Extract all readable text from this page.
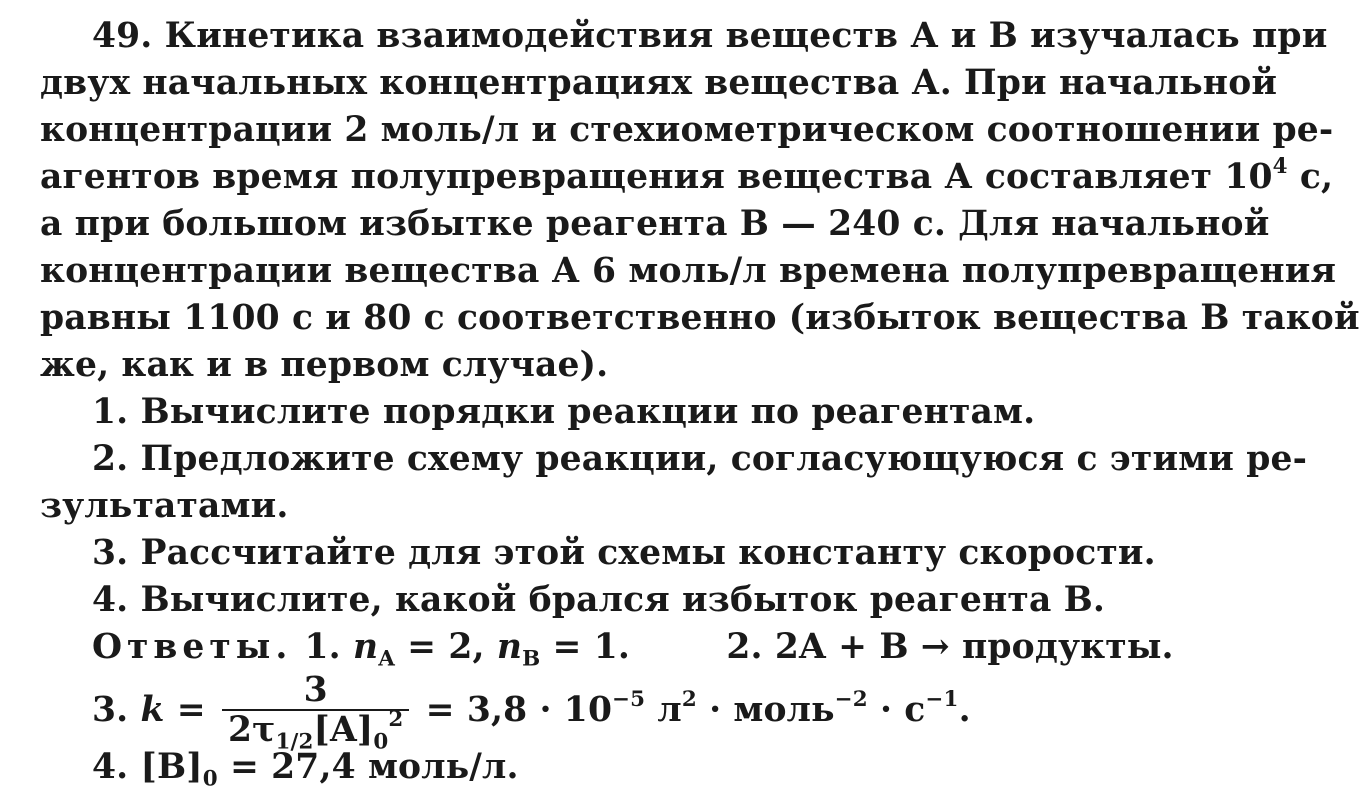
49. Кинетика взаимодействия веществ А и В изучалась при
двух начальных концентрациях вещества А. При начальной
концентрации 2 моль/л и стехиометрическом соотношении ре-
агентов время полупревращения вещества А составляет $10^4$ с,
а при большом избытке реагента В — 240 с. Для начальной
концентрации вещества А 6 моль/л времена полупревращения
равны 1100 с и 80 с соответственно (избыток вещества В такой
же, как и в первом случае).
1. Вычислите порядки реакции по реагентам.
2. Предложите схему реакции, согласующуюся с этими ре-
зультатами.
3. Рассчитайте для этой схемы константу скорости.
4. Вычислите, какой брался избыток реагента В.
Ответы. 1. $n_A = 2$, $n_B = 1$.	2. 2A + B → продукты.
3. $k = \frac{3}{2\tau_{1/2}[A]_0^2} = 3,8 \cdot 10^{-5}$ $л^2$ · моль$^{-2}$ · $с^{-1}$.
4. $[B]_0 = 27,4$ моль/л.
